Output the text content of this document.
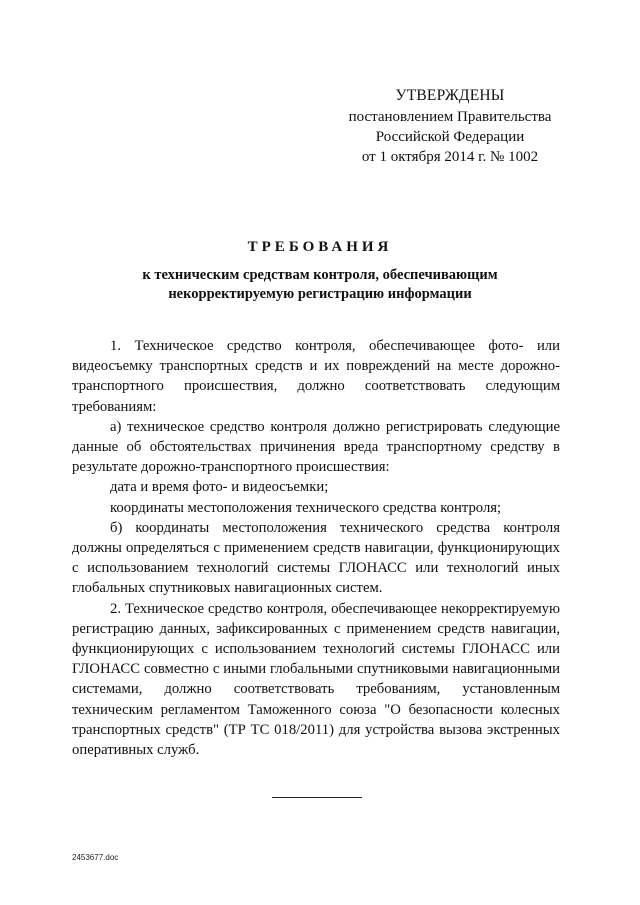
УТВЕРЖДЕНЫ
постановлением Правительства
Российской Федерации
от 1 октября 2014 г. № 1002
ТРЕБОВАНИЯ
к техническим средствам контроля, обеспечивающим
некорректируемую регистрацию информации

1. Техническое средство контроля, обеспечивающее фото- или видеосъемку транспортных средств и их повреждений на месте дорожно-транспортного происшествия, должно соответствовать следующим требованиям:

а) техническое средство контроля должно регистрировать следующие данные об обстоятельствах причинения вреда транспортному средству в результате дорожно-транспортного происшествия:

дата и время фото- и видеосъемки;

координаты местоположения технического средства контроля;

б) координаты местоположения технического средства контроля должны определяться с применением средств навигации, функционирующих с использованием технологий системы ГЛОНАСС или технологий иных глобальных спутниковых навигационных систем.

2. Техническое средство контроля, обеспечивающее некорректируемую регистрацию данных, зафиксированных с применением средств навигации, функционирующих с использованием технологий системы ГЛОНАСС или ГЛОНАСС совместно с иными глобальными спутниковыми навигационными системами, должно соответствовать требованиям, установленным техническим регламентом Таможенного союза "О безопасности колесных транспортных средств" (ТР ТС 018/2011) для устройства вызова экстренных оперативных служб.

2453677.doc
